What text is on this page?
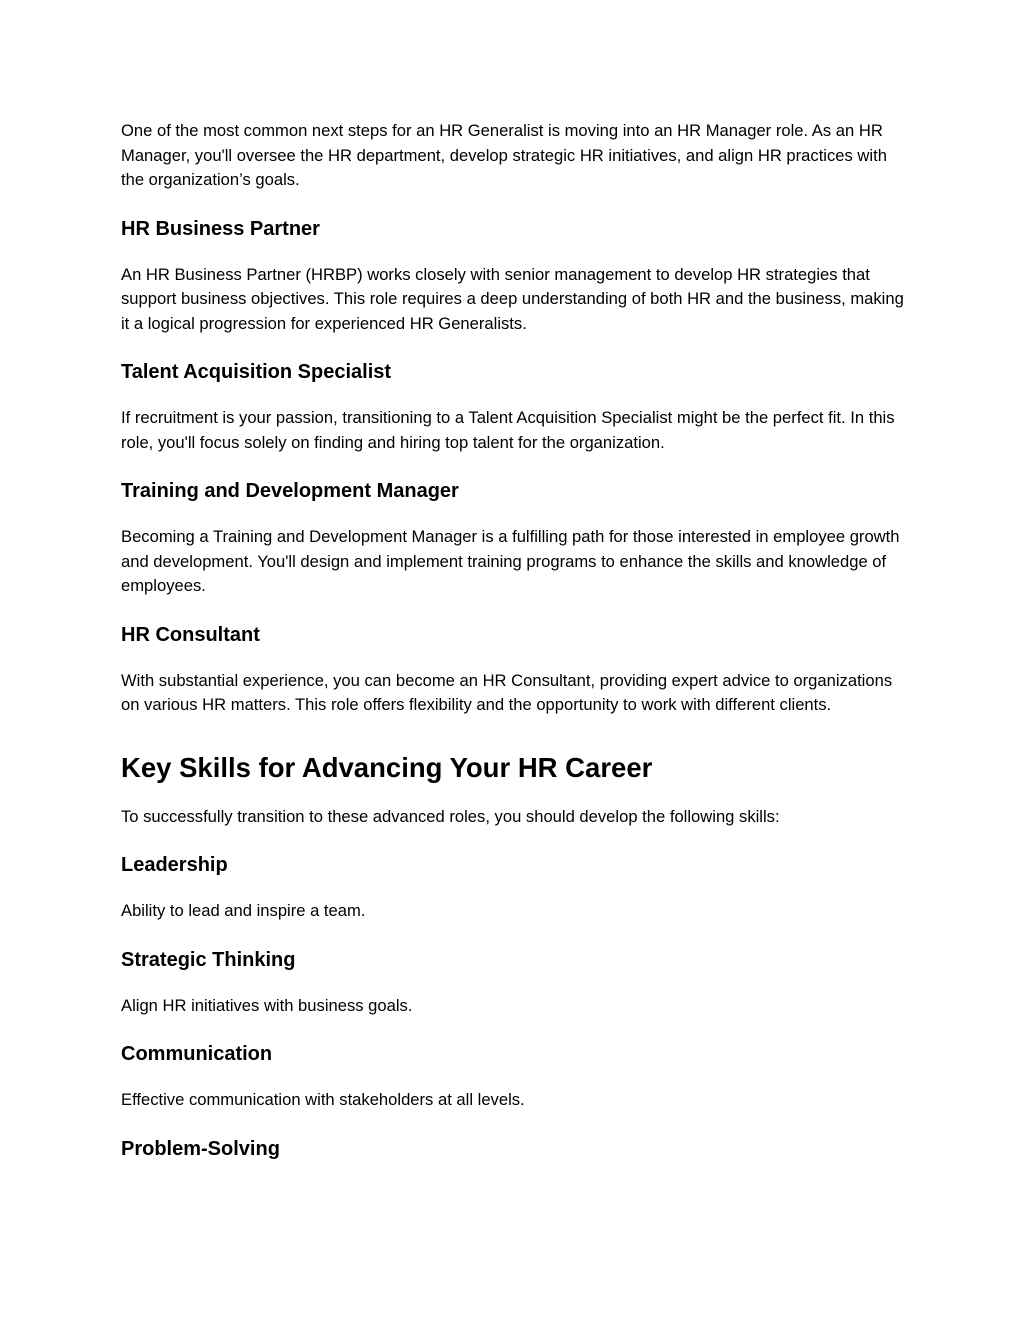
One of the most common next steps for an HR Generalist is moving into an HR Manager role. As an HR Manager, you'll oversee the HR department, develop strategic HR initiatives, and align HR practices with the organization’s goals.

HR Business Partner

An HR Business Partner (HRBP) works closely with senior management to develop HR strategies that support business objectives. This role requires a deep understanding of both HR and the business, making it a logical progression for experienced HR Generalists.

Talent Acquisition Specialist

If recruitment is your passion, transitioning to a Talent Acquisition Specialist might be the perfect fit. In this role, you'll focus solely on finding and hiring top talent for the organization.

Training and Development Manager

Becoming a Training and Development Manager is a fulfilling path for those interested in employee growth and development. You'll design and implement training programs to enhance the skills and knowledge of employees.

HR Consultant

With substantial experience, you can become an HR Consultant, providing expert advice to organizations on various HR matters. This role offers flexibility and the opportunity to work with different clients.

Key Skills for Advancing Your HR Career

To successfully transition to these advanced roles, you should develop the following skills:

Leadership

Ability to lead and inspire a team.

Strategic Thinking

Align HR initiatives with business goals.

Communication

Effective communication with stakeholders at all levels.

Problem-Solving
